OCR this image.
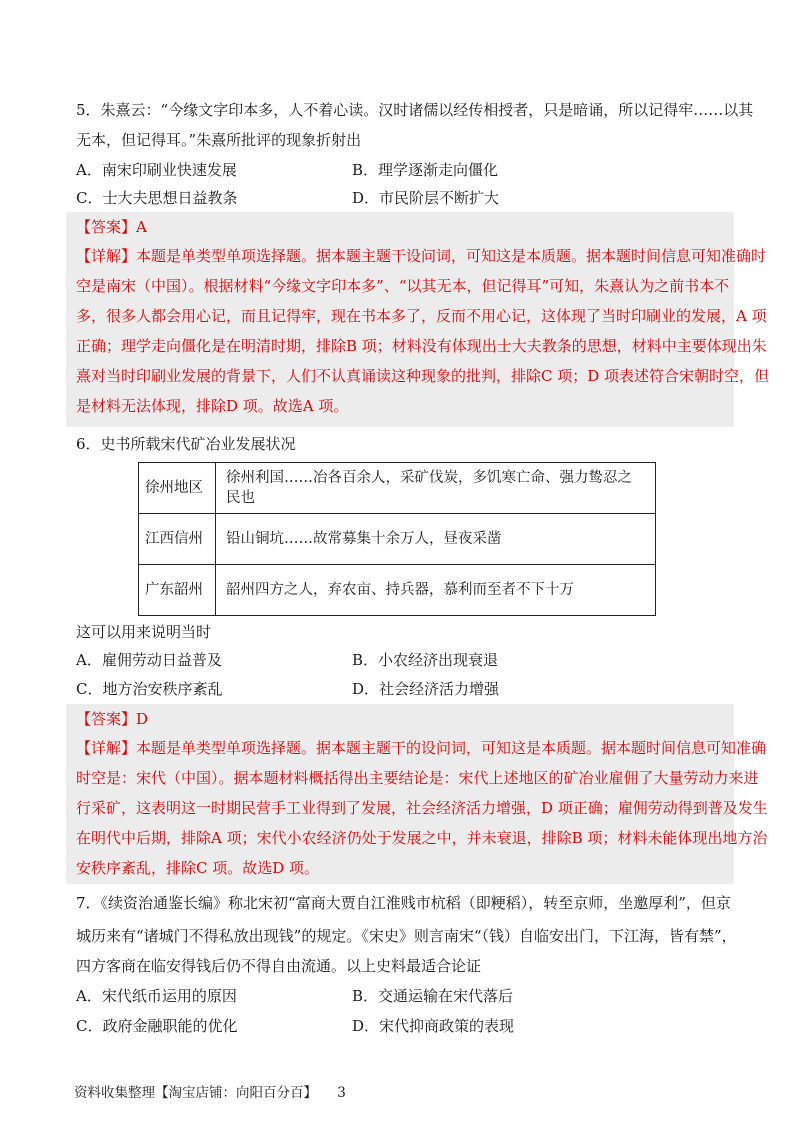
5．朱熹云：“今缘文字印本多，人不着心读。汉时诸儒以经传相授者，只是暗诵，所以记得牢……以其
无本，但记得耳。”朱熹所批评的现象折射出
A．南宋印刷业快速发展	B．理学逐渐走向僵化
C．士大夫思想日益教条	D．市民阶层不断扩大
【答案】A
【详解】本题是单类型单项选择题。据本题主题干设问词，可知这是本质题。据本题时间信息可知准确时
空是南宋（中国）。根据材料“今缘文字印本多”、“以其无本，但记得耳”可知，朱熹认为之前书本不
多，很多人都会用心记，而且记得牢，现在书本多了，反而不用心记，这体现了当时印刷业的发展，A 项
正确；理学走向僵化是在明清时期，排除B 项；材料没有体现出士大夫教条的思想，材料中主要体现出朱
熹对当时印刷业发展的背景下，人们不认真诵读这种现象的批判，排除C 项；D 项表述符合宋朝时空，但
是材料无法体现，排除D 项。故选A 项。
6．史书所载宋代矿冶业发展状况
徐州地区	徐州利国……冶各百余人，采矿伐炭，多饥寒亡命、强力鸷忍之民也
江西信州	铅山铜坑……故常募集十余万人，昼夜采凿
广东韶州	韶州四方之人，弃农亩、持兵器，慕利而至者不下十万
这可以用来说明当时
A．雇佣劳动日益普及	B．小农经济出现衰退
C．地方治安秩序紊乱	D．社会经济活力增强
【答案】D
【详解】本题是单类型单项选择题。据本题主题干的设问词，可知这是本质题。据本题时间信息可知准确
时空是：宋代（中国）。据本题材料概括得出主要结论是：宋代上述地区的矿冶业雇佣了大量劳动力来进
行采矿，这表明这一时期民营手工业得到了发展，社会经济活力增强，D 项正确；雇佣劳动得到普及发生
在明代中后期，排除A 项；宋代小农经济仍处于发展之中，并未衰退，排除B 项；材料未能体现出地方治
安秩序紊乱，排除C 项。故选D 项。
7．《续资治通鉴长编》称北宋初“富商大贾自江淮贱市杭稻（即粳稻），转至京师，坐邀厚利”，但京
城历来有“诸城门不得私放出现钱”的规定。《宋史》则言南宋“（钱）自临安出门，下江海，皆有禁”，
四方客商在临安得钱后仍不得自由流通。以上史料最适合论证
A．宋代纸币运用的原因	B．交通运输在宋代落后
C．政府金融职能的优化	D．宋代抑商政策的表现
资料收集整理【淘宝店铺：向阳百分百】 3
